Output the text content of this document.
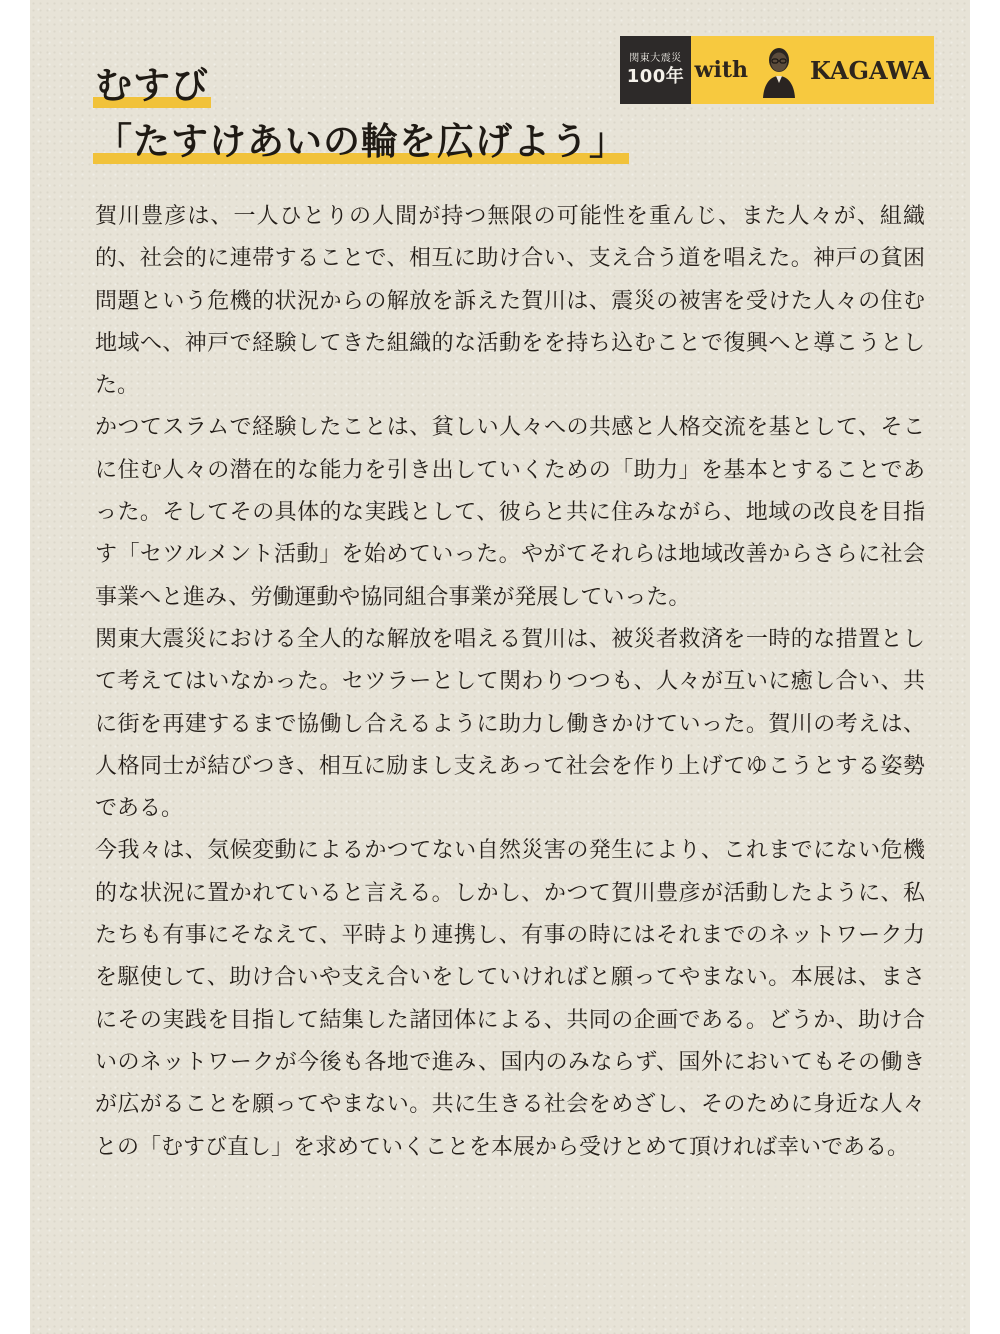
むすび
「たすけあいの輪を広げよう」
関東大震災
100年 with	KAGAWA

賀川豊彦は、一人ひとりの人間が持つ無限の可能性を重んじ、また人々が、組織的、社会的に連帯することで、相互に助け合い、支え合う道を唱えた。神戸の貧困問題という危機的状況からの解放を訴えた賀川は、震災の被害を受けた人々の住む地域へ、神戸で経験してきた組織的な活動をを持ち込むことで復興へと導こうとした。

かつてスラムで経験したことは、貧しい人々への共感と人格交流を基として、そこに住む人々の潜在的な能力を引き出していくための「助力」を基本とすることであった。そしてその具体的な実践として、彼らと共に住みながら、地域の改良を目指す「セツルメント活動」を始めていった。やがてそれらは地域改善からさらに社会事業へと進み、労働運動や協同組合事業が発展していった。

関東大震災における全人的な解放を唱える賀川は、被災者救済を一時的な措置として考えてはいなかった。セツラーとして関わりつつも、人々が互いに癒し合い、共に街を再建するまで協働し合えるように助力し働きかけていった。賀川の考えは、人格同士が結びつき、相互に励まし支えあって社会を作り上げてゆこうとする姿勢である。

今我々は、気候変動によるかつてない自然災害の発生により、これまでにない危機的な状況に置かれていると言える。しかし、かつて賀川豊彦が活動したように、私たちも有事にそなえて、平時より連携し、有事の時にはそれまでのネットワーク力を駆使して、助け合いや支え合いをしていければと願ってやまない。本展は、まさにその実践を目指して結集した諸団体による、共同の企画である。どうか、助け合いのネットワークが今後も各地で進み、国内のみならず、国外においてもその働きが広がることを願ってやまない。共に生きる社会をめざし、そのために身近な人々との「むすび直し」を求めていくことを本展から受けとめて頂ければ幸いである。
